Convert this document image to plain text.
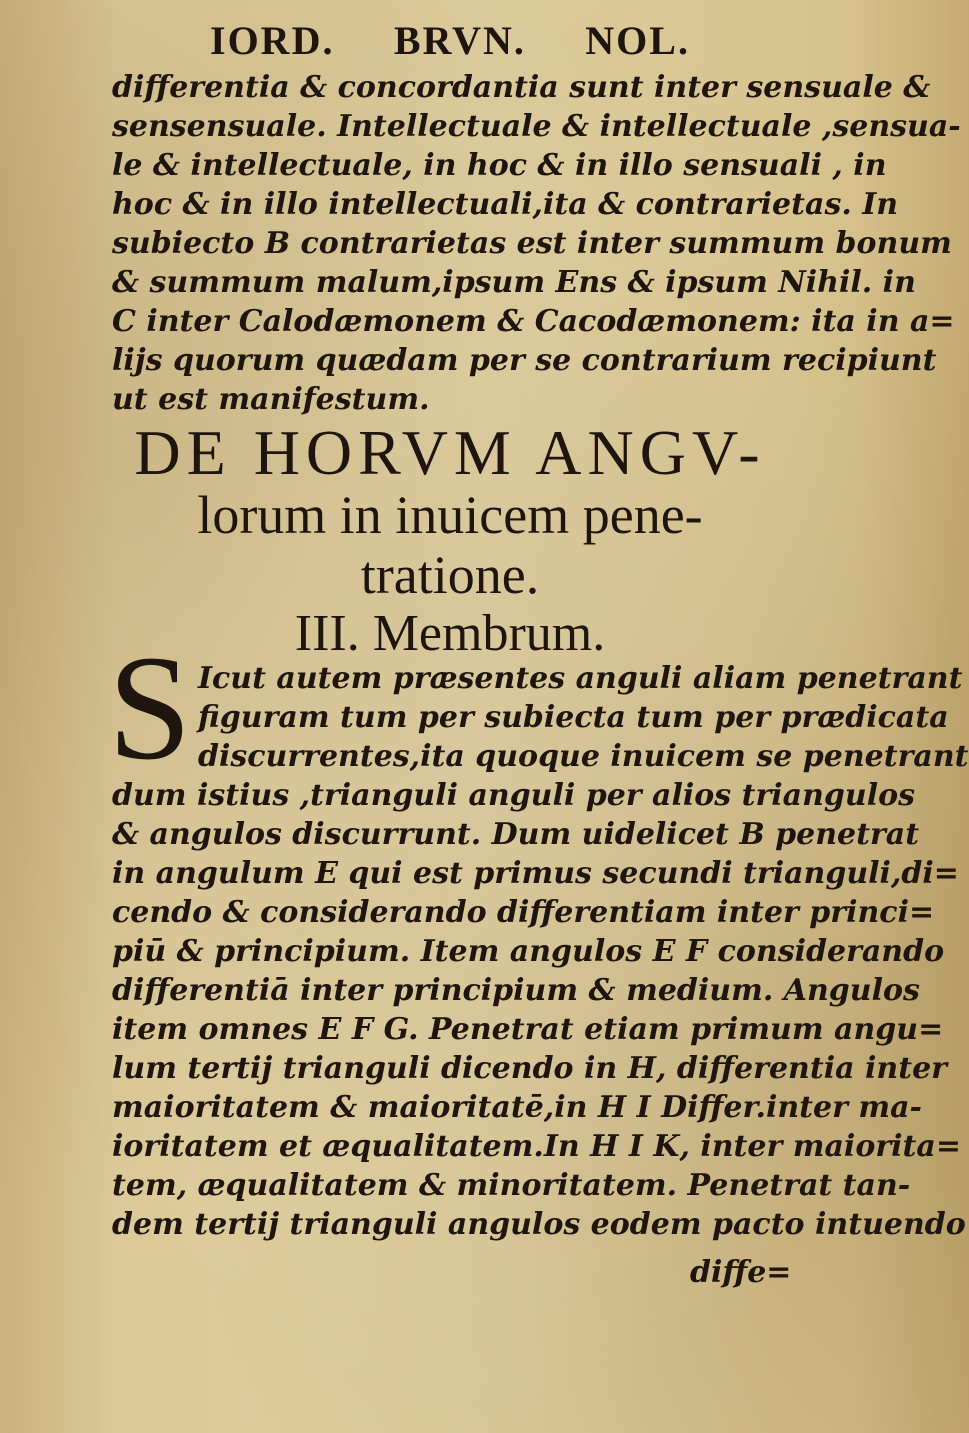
IORD. BRVN. NOL.
differentia & concordantia sunt inter sensuale &
sensensuale. Intellectuale & intellectuale ,sensua-
le & intellectuale, in hoc & in illo sensuali , in
hoc & in illo intellectuali,ita & contrarietas. In
subiecto B contrarietas est inter summum bonum
& summum malum,ipsum Ens & ipsum Nihil. in
C inter Calodæmonem & Cacodæmonem: ita in a=
lijs quorum quædam per se contrarium recipiunt
ut est manifestum.
DE HORVM ANGV-
lorum in inuicem pene-
tratione.
III. Membrum.
S Icut autem præsentes anguli aliam penetrant
figuram tum per subiecta tum per prædicata
discurrentes,ita quoque inuicem se penetrant
dum istius ,trianguli anguli per alios triangulos
& angulos discurrunt. Dum uidelicet B penetrat
in angulum E qui est primus secundi trianguli,di=
cendo & considerando differentiam inter princi=
piū & principium. Item angulos E F considerando
differentiā inter principium & medium. Angulos
item omnes E F G. Penetrat etiam primum angu=
lum tertij trianguli dicendo in H, differentia inter
maioritatem & maioritatē,in H I Differ.inter ma-
ioritatem et æqualitatem.In H I K, inter maiorita=
tem, æqualitatem & minoritatem. Penetrat tan-
dem tertij trianguli angulos eodem pacto intuendo
diffe=
